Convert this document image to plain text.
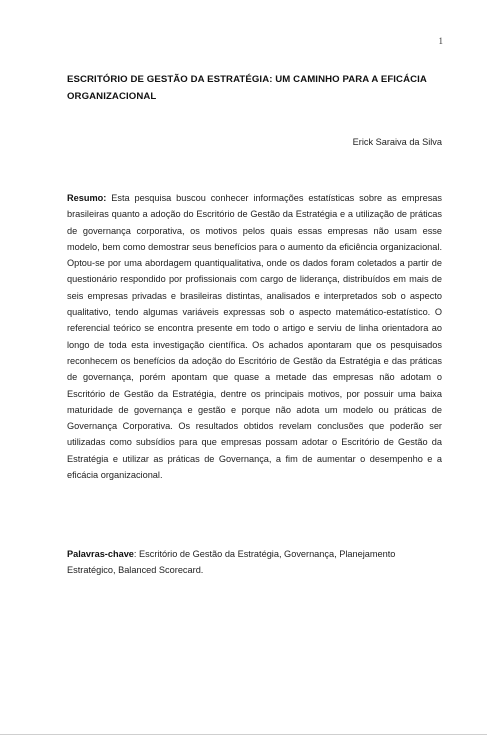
1
ESCRITÓRIO DE GESTÃO DA ESTRATÉGIA: UM CAMINHO PARA A EFICÁCIA ORGANIZACIONAL
Erick Saraiva da Silva
Resumo: Esta pesquisa buscou conhecer informações estatísticas sobre as empresas brasileiras quanto a adoção do Escritório de Gestão da Estratégia e a utilização de práticas de governança corporativa, os motivos pelos quais essas empresas não usam esse modelo, bem como demostrar seus benefícios para o aumento da eficiência organizacional. Optou-se por uma abordagem quantiqualitativa, onde os dados foram coletados a partir de questionário respondido por profissionais com cargo de liderança, distribuídos em mais de seis empresas privadas e brasileiras distintas, analisados e interpretados sob o aspecto qualitativo, tendo algumas variáveis expressas sob o aspecto matemático-estatístico. O referencial teórico se encontra presente em todo o artigo e serviu de linha orientadora ao longo de toda esta investigação científica. Os achados apontaram que os pesquisados reconhecem os benefícios da adoção do Escritório de Gestão da Estratégia e das práticas de governança, porém apontam que quase a metade das empresas não adotam o Escritório de Gestão da Estratégia, dentre os principais motivos, por possuir uma baixa maturidade de governança e gestão e porque não adota um modelo ou práticas de Governança Corporativa. Os resultados obtidos revelam conclusões que poderão ser utilizadas como subsídios para que empresas possam adotar o Escritório de Gestão da Estratégia e utilizar as práticas de Governança, a fim de aumentar o desempenho e a eficácia organizacional.
Palavras-chave: Escritório de Gestão da Estratégia, Governança, Planejamento Estratégico, Balanced Scorecard.
